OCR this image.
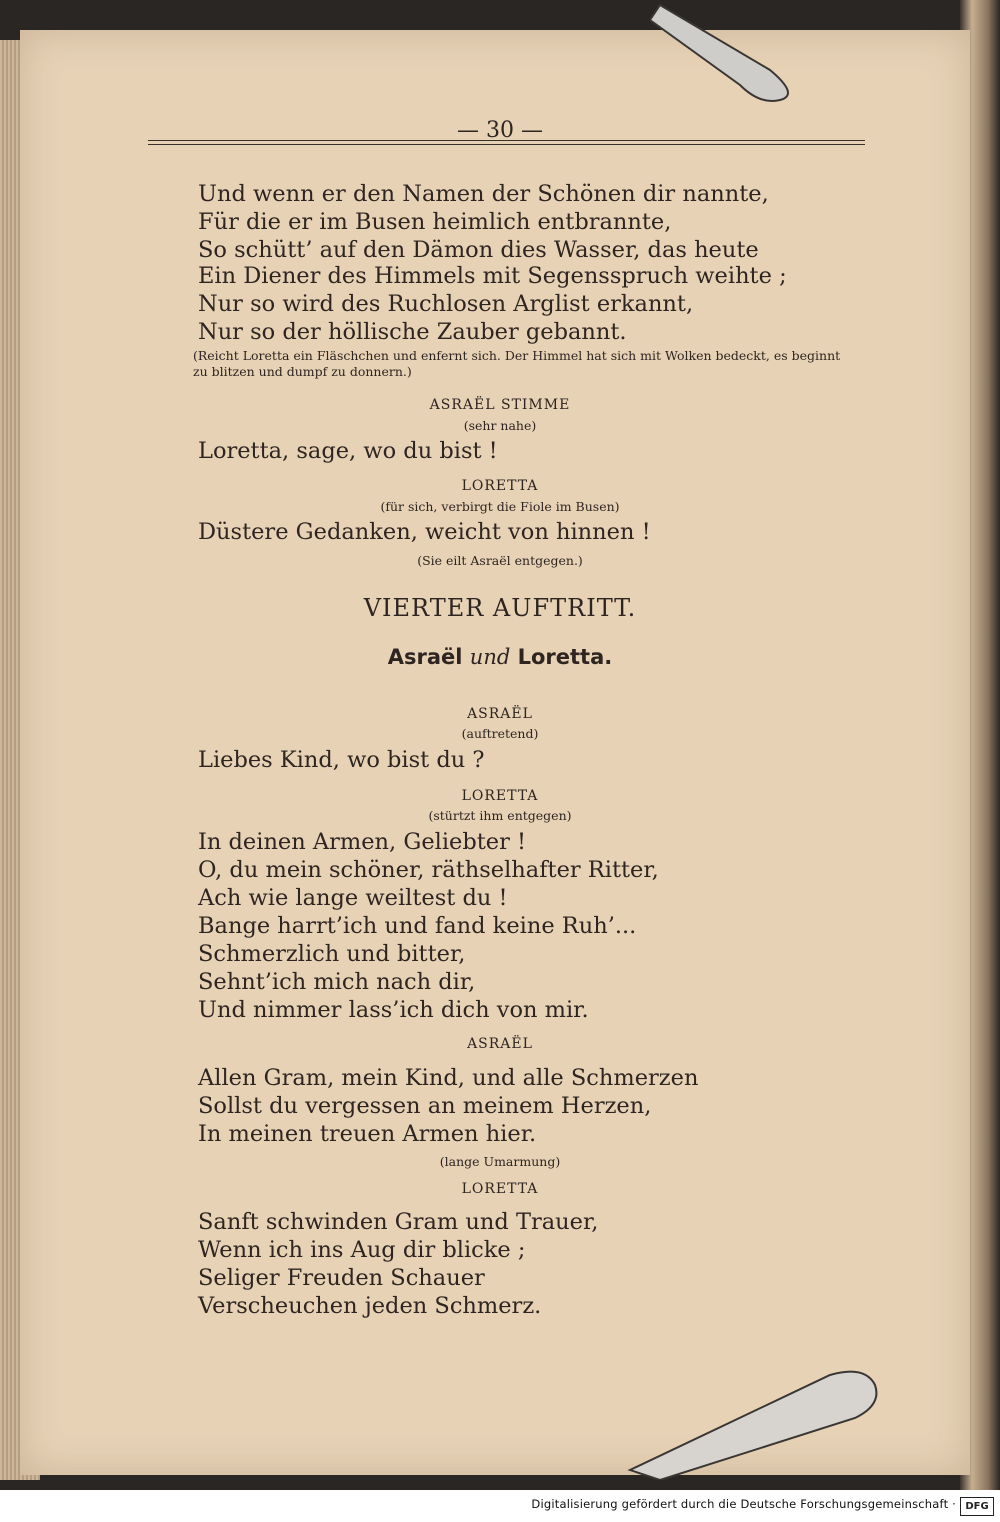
— 30 —
Und wenn er den Namen der Schönen dir nannte,
Für die er im Busen heimlich entbrannte,
So schütt’ auf den Dämon dies Wasser, das heute
Ein Diener des Himmels mit Segensspruch weihte ;
Nur so wird des Ruchlosen Arglist erkannt,
Nur so der höllische Zauber gebannt.
(Reicht Loretta ein Fläschchen und enfernt sich. Der Himmel hat sich mit Wolken bedeckt, es beginnt zu blitzen und dumpf zu donnern.)
ASRAËL STIMME
(sehr nahe)
Loretta, sage, wo du bist !
LORETTA
(für sich, verbirgt die Fiole im Busen)
Düstere Gedanken, weicht von hinnen !
(Sie eilt Asraël entgegen.)
VIERTER AUFTRITT.
Asraël und Loretta.
ASRAËL
(auftretend)
Liebes Kind, wo bist du ?
LORETTA
(stürtzt ihm entgegen)
In deinen Armen, Geliebter !
O, du mein schöner, räthselhafter Ritter,
Ach wie lange weiltest du !
Bange harrt’ich und fand keine Ruh’...
Schmerzlich und bitter,
Sehnt’ich mich nach dir,
Und nimmer lass’ich dich von mir.
ASRAËL
Allen Gram, mein Kind, und alle Schmerzen
Sollst du vergessen an meinem Herzen,
In meinen treuen Armen hier.
(lange Umarmung)
LORETTA
Sanft schwinden Gram und Trauer,
Wenn ich ins Aug dir blicke ;
Seliger Freuden Schauer
Verscheuchen jeden Schmerz.
Digitalisierung gefördert durch die Deutsche Forschungsgemeinschaft · DFG
